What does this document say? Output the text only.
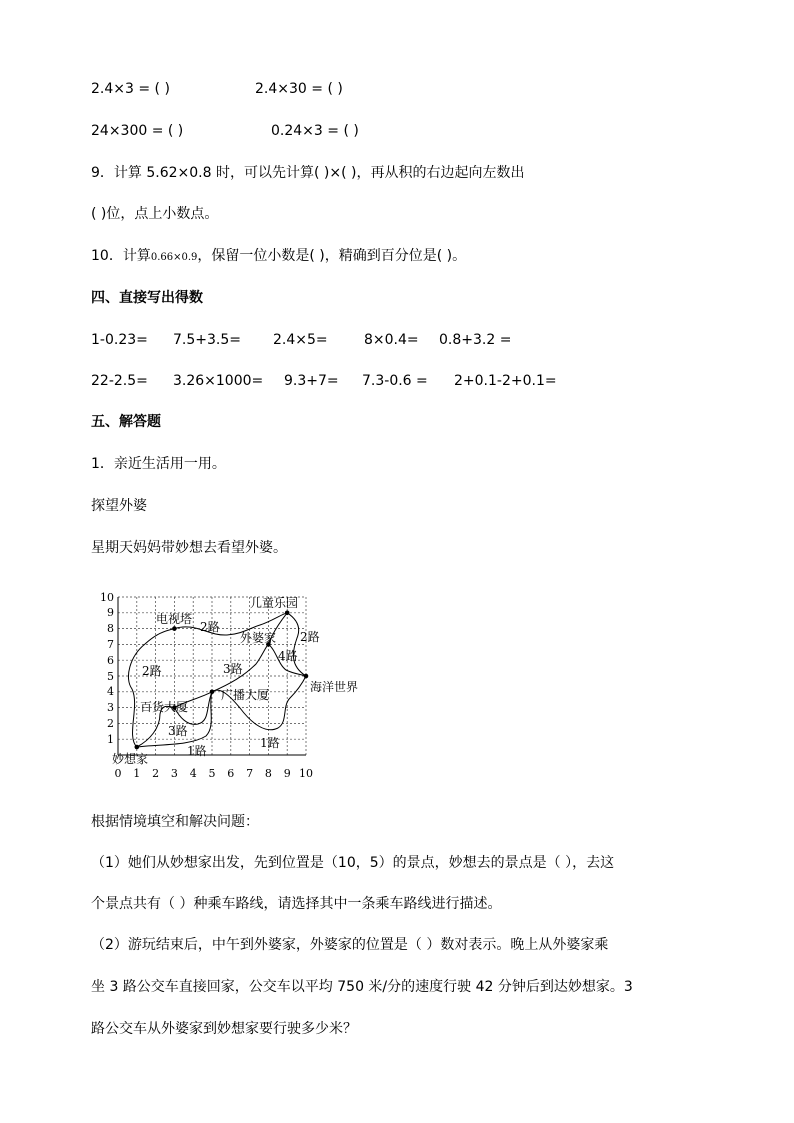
2.4×3 = ( )	2.4×30 = ( )
24×300 = ( )	0.24×3 = ( )
9．计算 5.62×0.8 时，可以先计算( )×( )，再从积的右边起向左数出
( )位，点上小数点。
10．计算0.66×0.9，保留一位小数是( )，精确到百分位是( )。
四、直接写出得数
1-0.23= 7.5+3.5= 2.4×5=	8×0.4= 0.8+3.2 =
22-2.5= 3.26×1000= 9.3+7= 7.3-0.6 = 2+0.1-2+0.1=
五、解答题
1．亲近生活用一用。
探望外婆
星期天妈妈带妙想去看望外婆。
0 1 2 3 4 5 6 7 8 9 10
1
2
3
4
5
6
7
8
9
10
妙想家
电视塔
儿童乐园
外婆家
海洋世界
百货大厦
广播大厦
2路
2路
2路
3路
3路
4路
1路
1路
根据情境填空和解决问题：
（1）她们从妙想家出发，先到位置是（10，5）的景点，妙想去的景点是（ ），去这
个景点共有（ ）种乘车路线，请选择其中一条乘车路线进行描述。
（2）游玩结束后，中午到外婆家，外婆家的位置是（ ）数对表示。晚上从外婆家乘
坐 3 路公交车直接回家，公交车以平均 750 米/分的速度行驶 42 分钟后到达妙想家。3
路公交车从外婆家到妙想家要行驶多少米？
